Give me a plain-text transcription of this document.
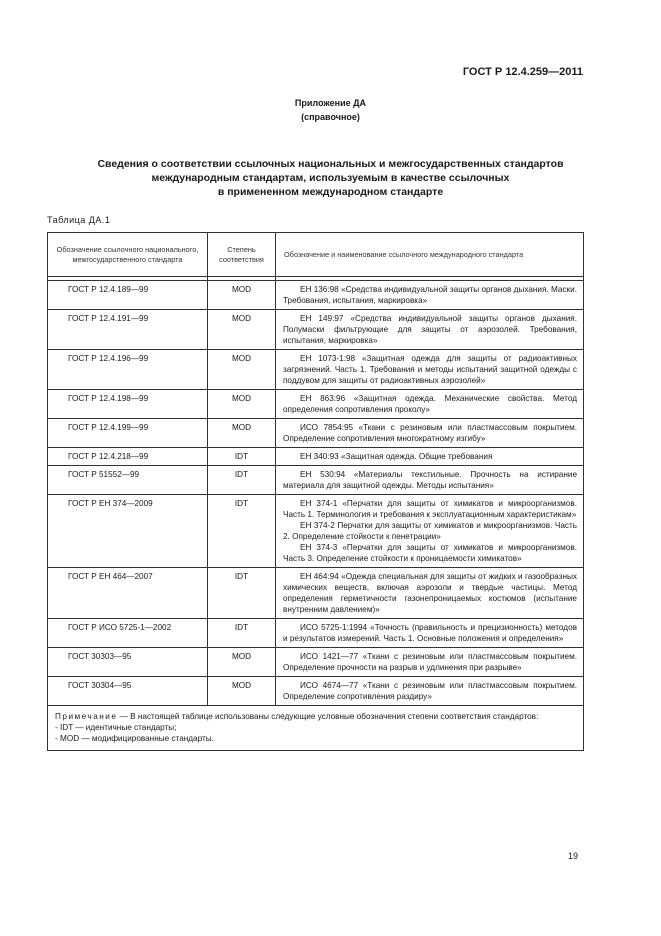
ГОСТ Р 12.4.259—2011
Приложение ДА
(справочное)
Сведения о соответствии ссылочных национальных и межгосударственных стандартов
международным стандартам, используемым в качестве ссылочных
в примененном международном стандарте
Таблица ДА.1
Обозначение ссылочного национального, межгосударственного стандарта	Степень соответствия	Обозначение и наименование ссылочного международного стандарта

ГОСТ Р 12.4.189—99	MOD	ЕН 136:98 «Средства индивидуальной защиты органов дыхания. Маски. Требования, испытания, маркировка»

ГОСТ Р 12.4.191—99	MOD	ЕН 149:97 «Средства индивидуальной защиты органов дыхания. Полумаски фильтрующие для защиты от аэрозолей. Требования, испытания, маркировка»

ГОСТ Р 12.4.196—99	MOD	ЕН 1073-1:98 «Защитная одежда для защиты от радиоактивных загрязнений. Часть 1. Требования и методы испытаний защитной одежды с поддувом для защиты от радиоактивных аэрозолей»

ГОСТ Р 12.4.198—99	MOD	ЕН 863:96 «Защитная одежда. Механические свойства. Метод определения сопротивления проколу»

ГОСТ Р 12.4.199—99	MOD	ИСО 7854:95 «Ткани с резиновым или пластмассовым покрытием. Определение сопротивления многократному изгибу»

ГОСТ Р 12.4.218—99	IDT	ЕН 340:93 «Защитная одежда. Общие требования

ГОСТ Р 51552—99	IDT	ЕН 530:94 «Материалы текстильные. Прочность на истирание материала для защитной одежды. Методы испытания»

ГОСТ Р ЕН 374—2009	IDT	ЕН 374-1 «Перчатки для защиты от химикатов и микроорганизмов. Часть 1. Терминология и требования к эксплуатационным характеристикам»
ЕН 374-2 Перчатки для защиты от химикатов и микроорганизмов. Часть 2. Определение стойкости к пенетрации»
ЕН 374-3 «Перчатки для защиты от химикатов и микроорганизмов. Часть 3. Определение стойкости к проницаемости химикатов»

ГОСТ Р ЕН 464—2007	IDT	ЕН 464:94 «Одежда специальная для защиты от жидких и газообразных химических веществ, включая аэрозоли и твердые частицы. Метод определения герметичности газонепроницаемых костюмов (испытание внутренним давлением)»

ГОСТ Р ИСО 5725-1—2002	IDT	ИСО 5725-1:1994 «Точность (правильность и прецизионность) методов и результатов измерений. Часть 1. Основные положения и определения»

ГОСТ 30303—95	MOD	ИСО 1421—77 «Ткани с резиновым или пластмассовым покрытием. Определение прочности на разрыв и удлинения при разрыве»

ГОСТ 30304—95	MOD	ИСО 4674—77 «Ткани с резиновым или пластмассовым покрытием. Определение сопротивления раздиру»

Примечание — В настоящей таблице использованы следующие условные обозначения степени соответствия стандартов:
- IDT — идентичные стандарты;
- MOD — модифицированные стандарты.		
19
